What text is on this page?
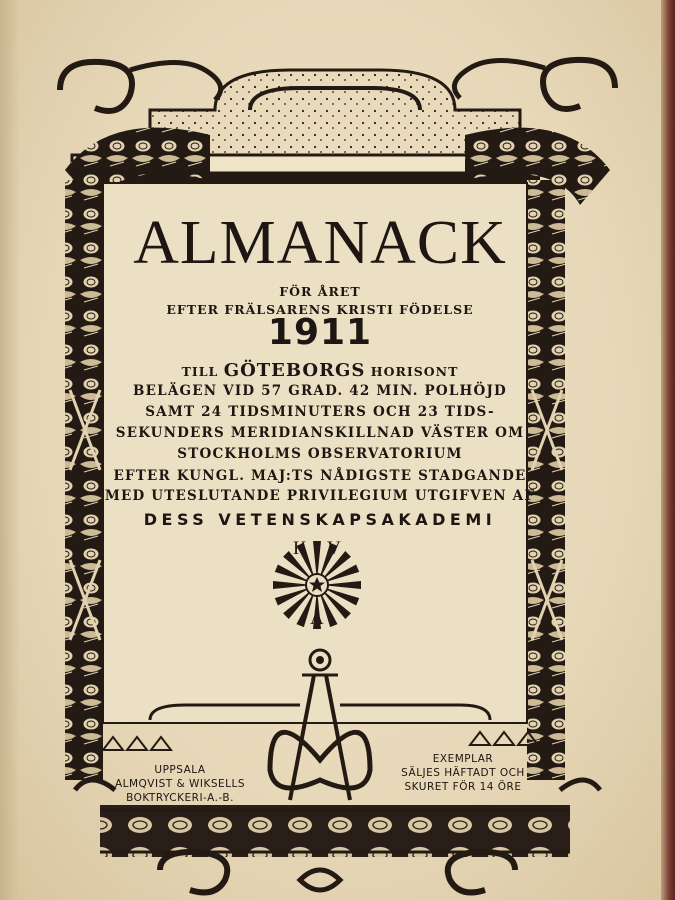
ALMANACK
FÖR ÅRET
EFTER FRÄLSARENS KRISTI FÖDELSE
1911
TILL GÖTEBORGS HORISONT
BELÄGEN VID 57 GRAD. 42 MIN. POLHÖJD
SAMT 24 TIDSMINUTERS OCH 23 TIDS-
SEKUNDERS MERIDIANSKILLNAD VÄSTER OM
STOCKHOLMS OBSERVATORIUM
EFTER KUNGL. MAJ:TS NÅDIGSTE STADGANDE
MED UTESLUTANDE PRIVILEGIUM UTGIFVEN AF
DESS VETENSKAPSAKADEMI
K V
A
UPPSALA
ALMQVIST & WIKSELLS
BOKTRYCKERI-A.-B.
EXEMPLAR
SÄLJES HÄFTADT OCH
SKURET FÖR 14 ÖRE
